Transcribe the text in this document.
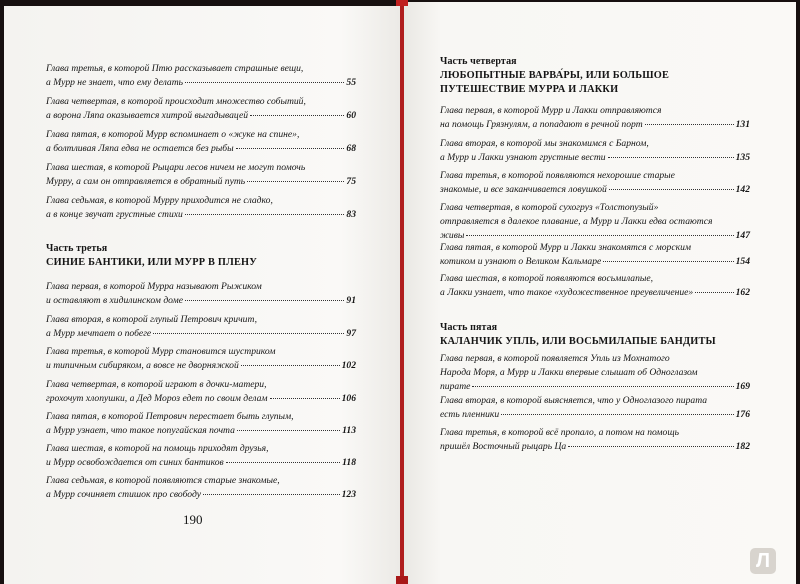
Глава третья, в которой Птю рассказывает страшные вещи,
а Мурр не знает, что ему делать	55
Глава четвертая, в которой происходит множество событий,
а ворона Ляпа оказывается хитрой выгадывацей	60
Глава пятая, в которой Мурр вспоминает о «жуке на спине»,
а болтливая Ляпа едва не остается без рыбы	68
Глава шестая, в которой Рыцари лесов ничем не могут помочь
Мурру, а сам он отправляется в обратный путь	75
Глава седьмая, в которой Мурру приходится не сладко,
а в конце звучат грустные стихи	83
Часть третья
СИНИЕ БАНТИКИ, ИЛИ МУРР В ПЛЕНУ
Глава первая, в которой Мурра называют Рыжиком
и оставляют в хидилинском доме	91
Глава вторая, в которой глупый Петрович кричит,
а Мурр мечтает о побеге	97
Глава третья, в которой Мурр становится шустриком
и типичным сибиряком, а вовсе не дворняжкой	102
Глава четвертая, в которой играют в дочки-матери,
грохочут хлопушки, а Дед Мороз едет по своим делам	106
Глава пятая, в которой Петрович перестает быть глупым,
а Мурр узнает, что такое попугайская почта	113
Глава шестая, в которой на помощь приходят друзья,
и Мурр освобождается от синих бантиков	118
Глава седьмая, в которой появляются старые знакомые,
а Мурр сочиняет стишок про свободу	123
190
Часть четвертая
ЛЮБОПЫТНЫЕ ВАРВА́РЫ, ИЛИ БОЛЬШОЕ
ПУТЕШЕСТВИЕ МУРРА И ЛАККИ
Глава первая, в которой Мурр и Лакки отправляются
на помощь Грязнулям, а попадают в речной порт	131
Глава вторая, в которой мы знакомимся с Барном,
а Мурр и Лакки узнают грустные вести	135
Глава третья, в которой появляются нехорошие старые
знакомые, и все заканчивается ловушкой	142
Глава четвертая, в которой сухогруз «Толстопузый»
отправляется в далекое плавание, а Мурр и Лакки едва остаются
живы	147
Глава пятая, в которой Мурр и Лакки знакомятся с морским
котиком и узнают о Великом Кальмаре	154
Глава шестая, в которой появляются восьмилапые,
а Лакки узнает, что такое «художественное преувеличение»	162
Часть пятая
КАЛАНЧИК УПЛЬ, ИЛИ ВОСЬМИЛАПЫЕ БАНДИТЫ
Глава первая, в которой появляется Упль из Мохнатого
Народа Моря, а Мурр и Лакки впервые слышат об Одноглазом
пирате	169
Глава вторая, в которой выясняется, что у Одноглазого пирата
есть пленники	176
Глава третья, в которой всё пропало, а потом на помощь
пришёл Восточный рыцарь Ца	182
Л
